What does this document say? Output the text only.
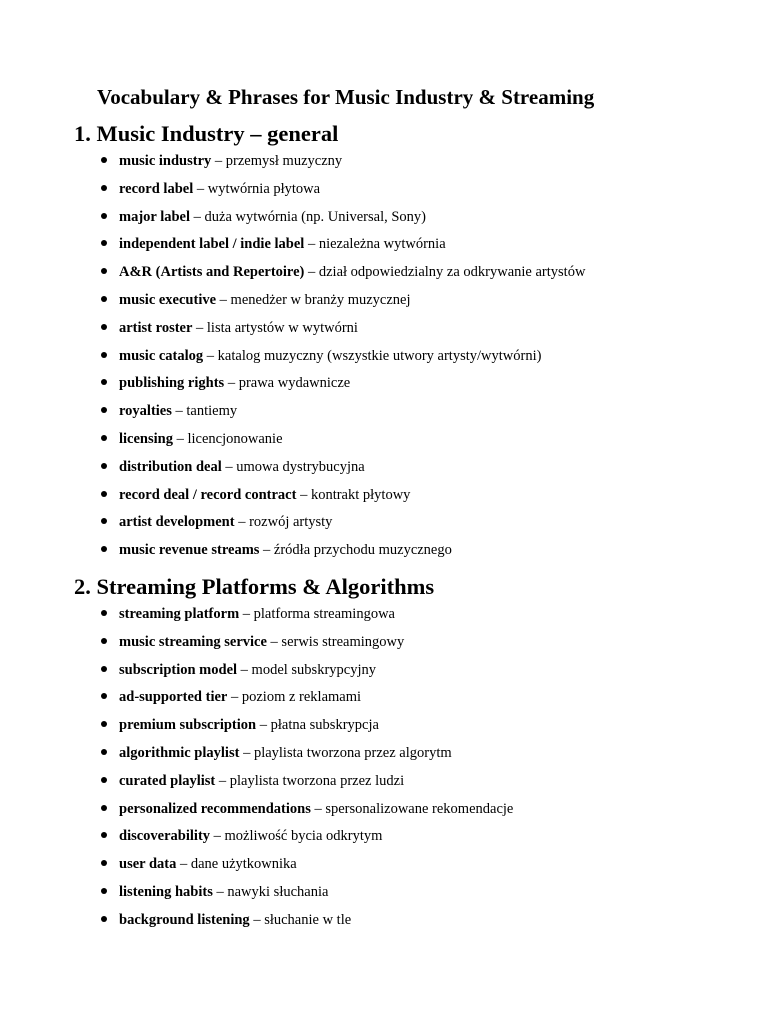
Vocabulary & Phrases for Music Industry & Streaming
1. Music Industry – general
music industry – przemysł muzyczny
record label – wytwórnia płytowa
major label – duża wytwórnia (np. Universal, Sony)
independent label / indie label – niezależna wytwórnia
A&R (Artists and Repertoire) – dział odpowiedzialny za odkrywanie artystów
music executive – menedżer w branży muzycznej
artist roster – lista artystów w wytwórni
music catalog – katalog muzyczny (wszystkie utwory artysty/wytwórni)
publishing rights – prawa wydawnicze
royalties – tantiemy
licensing – licencjonowanie
distribution deal – umowa dystrybucyjna
record deal / record contract – kontrakt płytowy
artist development – rozwój artysty
music revenue streams – źródła przychodu muzycznego
2. Streaming Platforms & Algorithms
streaming platform – platforma streamingowa
music streaming service – serwis streamingowy
subscription model – model subskrypcyjny
ad-supported tier – poziom z reklamami
premium subscription – płatna subskrypcja
algorithmic playlist – playlista tworzona przez algorytm
curated playlist – playlista tworzona przez ludzi
personalized recommendations – spersonalizowane rekomendacje
discoverability – możliwość bycia odkrytym
user data – dane użytkownika
listening habits – nawyki słuchania
background listening – słuchanie w tle
